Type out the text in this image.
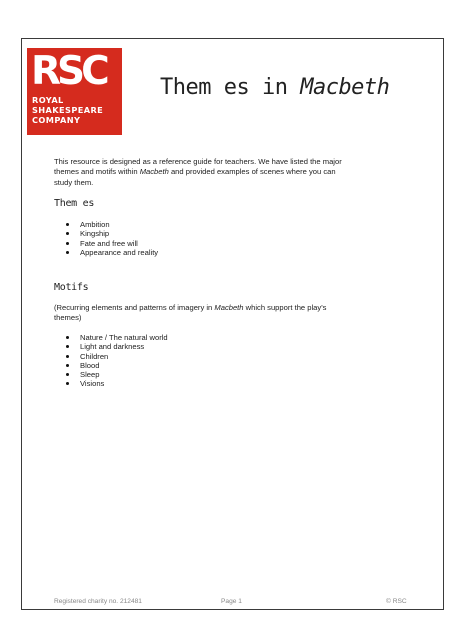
RSC
ROYAL
SHAKESPEARE
COMPANY
Them es in Macbeth
This resource is designed as a reference guide for teachers. We have listed the major
themes and motifs within Macbeth and provided examples of scenes where you can
study them.
Them es
Ambition
Kingship
Fate and free will
Appearance and reality
Motifs
(Recurring elements and patterns of imagery in Macbeth which support the play's
themes)
Nature / The natural world
Light and darkness
Children
Blood
Sleep
Visions
Registered charity no. 212481	Page 1	© RSC
